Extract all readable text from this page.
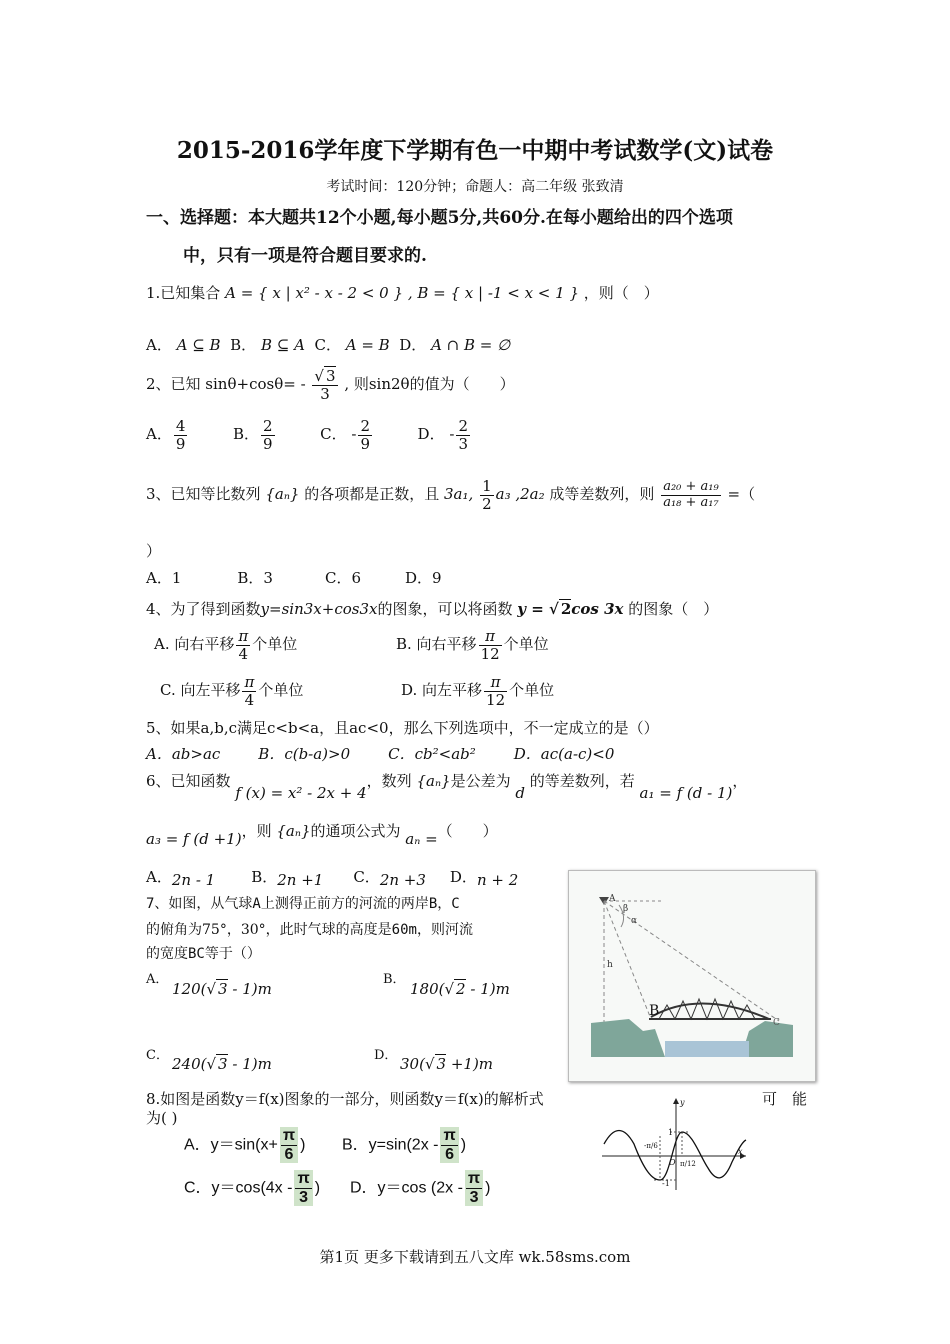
2015-2016学年度下学期有色一中期中考试数学(文)试卷
考试时间：120分钟；命题人：高二年级 张致清
一、选择题：本大题共12个小题,每小题5分,共60分.在每小题给出的四个选项
中，只有一项是符合题目要求的.
1.已知集合 A = { x | x² - x - 2 < 0 } , B = { x | -1 < x < 1 } ，则（　）
A． A ⊆ B B． B ⊆ A C． A = B D． A ∩ B = ∅
2、已知 $\sin\theta+\cos\theta= - \frac{√ 3}{3}$ , 则sin2θ的值为（　　）
A． $\frac{4}{9}$	B． $\frac{2}{9}$	C． - $\frac{2}{9}$	D． - $\frac{2}{3}$
3、已知等比数列 {aₙ} 的各项都是正数，且 3a₁, $\frac{1}{2} a_3$ ,2a₂ 成等差数列，则 $\frac{\text{a₂₀ + a₁₉}}{\text{a₁₈ + a₁₇}}$ =（
）
A．1	B．3	C．6	D．9
4、为了得到函数y=sin3x+cos3x的图象，可以将函数 y = √ 2cos 3x 的图象（　）
A. 向右平移 $\frac{\pi}{4}$ 个单位	B. 向右平移 $\frac{\pi}{12}$ 个单位
C. 向左平移 $\frac{\pi}{4}$ 个单位	D. 向左平移 $\frac{\pi}{12}$ 个单位
5、如果a,b,c满足c<b<a，且ac<0，那么下列选项中，不一定成立的是（）
A．ab>ac	B．c(b-a)>0	C．cb²<ab²	D．ac(a-c)<0
6、已知函数 f (x) = x² - 2x + 4，数列 {aₙ}是公差为 d 的等差数列，若 a₁ = f (d - 1)，
a₃ = f (d +1)，则 {aₙ}的通项公式为 aₙ =（　　）
A．2n - 1 B．2n +1 C．2n +3 D．n + 2
7、如图，从气球A上测得正前方的河流的两岸B，C
的俯角为75°，30°，此时气球的高度是60m，则河流
的宽度BC等于（）
A．
120(√ 3 - 1)m
B．
180(√ 2 - 1)m
C． 240(√ 3 - 1)m	D． 30(√ 3 +1)m
A
β
α
h
B
C
8.如图是函数y＝f(x)图象的一部分，则函数y＝f(x)的解析式	可　能
为( )
A．$y=\sin(x+ \frac{\pi}{6}$ ) B．$y=\sin(2x - \frac{\pi}{6}$ )
C．$y=\cos(4x - \frac{\pi}{3}$ ) D．y＝cos ($2x - \frac{\pi}{3}$ )
y
x
1
-1
O
-π/6
π/12
第1页 更多下载请到五八文库 wk.58sms.com
